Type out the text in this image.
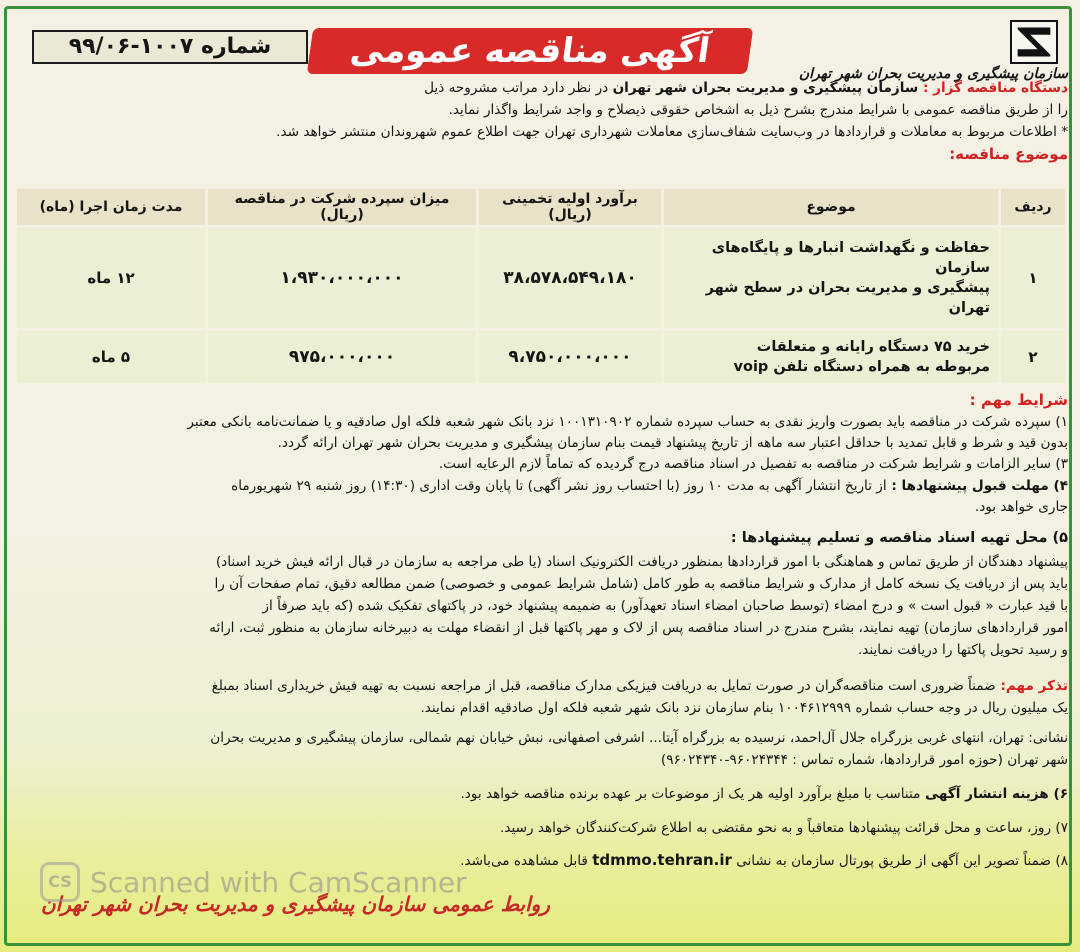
سازمان پیشگیری و مدیریت بحران شهر تهران
آگهی مناقصه عمومی
شماره ۱۰۰۷-۹۹/۰۶
دستگاه مناقصه گزار : سازمان پیشگیری و مدیریت بحران شهر تهران در نظر دارد مراتب مشروحه ذیل
را از طریق مناقصه عمومی با شرایط مندرج بشرح ذیل به اشخاص حقوقی ذیصلاح و واجد شرایط واگذار نماید.
* اطلاعات مربوط به معاملات و قراردادها در وب‌سایت شفاف‌سازی معاملات شهرداری تهران جهت اطلاع عموم شهروندان منتشر خواهد شد.
موضوع مناقصه:
ردیف	موضوع	برآورد اولیه تخمینی (ریال)	میزان سپرده شرکت در مناقصه (ریال)	مدت زمان اجرا (ماه)
۱	حفاظت و نگهداشت انبارها و پایگاه‌های سازمان
پیشگیری و مدیریت بحران در سطح شهر تهران	۳۸،۵۷۸،۵۴۹،۱۸۰	۱،۹۳۰،۰۰۰،۰۰۰	۱۲ ماه
۲	خرید ۷۵ دستگاه رایانه و متعلقات
مربوطه به همراه دستگاه تلفن voip	۹،۷۵۰،۰۰۰،۰۰۰	۹۷۵،۰۰۰،۰۰۰	۵ ماه
شرایط مهم :
۱) سپرده شرکت در مناقصه باید بصورت واریز نقدی به حساب سپرده شماره ۱۰۰۱۳۱۰۹۰۲ نزد بانک شهر شعبه فلکه اول صادقیه و یا ضمانت‌نامه بانکی معتبر
بدون قید و شرط و قابل تمدید با حداقل اعتبار سه ماهه از تاریخ پیشنهاد قیمت بنام سازمان پیشگیری و مدیریت بحران شهر تهران ارائه گردد.
۳) سایر الزامات و شرایط شرکت در مناقصه به تفصیل در اسناد مناقصه درج گردیده که تماماً لازم الرعایه است.
۴) مهلت قبول پیشنهادها : از تاریخ انتشار آگهی به مدت ۱۰ روز (با احتساب روز نشر آگهی) تا پایان وقت اداری (۱۴:۳۰) روز شنبه ۲۹ شهریورماه
جاری خواهد بود.
۵) محل تهیه اسناد مناقصه و تسلیم پیشنهادها :
پیشنهاد دهندگان از طریق تماس و هماهنگی با امور قراردادها بمنظور دریافت الکترونیک اسناد (یا طی مراجعه به سازمان در قبال ارائه فیش خرید اسناد)
باید پس از دریافت یک نسخه کامل از مدارک و شرایط مناقصه به طور کامل (شامل شرایط عمومی و خصوصی) ضمن مطالعه دقیق، تمام صفحات آن را
با قید عبارت « قبول است » و درج امضاء (توسط صاحبان امضاء اسناد تعهدآور) به ضمیمه پیشنهاد خود، در پاکتهای تفکیک شده (که باید صرفاً از
امور قراردادهای سازمان) تهیه نمایند، بشرح مندرج در اسناد مناقصه پس از لاک و مهر پاکتها قبل از انقضاء مهلت به دبیرخانه سازمان به منظور ثبت، ارائه
و رسید تحویل پاکتها را دریافت نمایند.
تذکر مهم: ضمناً ضروری است مناقصه‌گران در صورت تمایل به دریافت فیزیکی مدارک مناقصه، قبل از مراجعه نسبت به تهیه فیش خریداری اسناد بمبلغ
یک میلیون ریال در وجه حساب شماره ۱۰۰۴۶۱۲۹۹۹ بنام سازمان نزد بانک شهر شعبه فلکه اول صادقیه اقدام نمایند.
نشانی: تهران، انتهای غربی بزرگراه جلال آل‌احمد، نرسیده به بزرگراه آیتا... اشرفی اصفهانی، نبش خیابان نهم شمالی، سازمان پیشگیری و مدیریت بحران
شهر تهران (حوزه امور قراردادها، شماره تماس : ۹۶۰۲۴۳۴۴-۹۶۰۲۴۳۴۰)
۶) هزینه انتشار آگهی متناسب با مبلغ برآورد اولیه هر یک از موضوعات بر عهده برنده مناقصه خواهد بود.
۷) روز، ساعت و محل قرائت پیشنهادها متعاقباً و به نحو مقتضی به اطلاع شرکت‌کنندگان خواهد رسید.
۸) ضمناً تصویر این آگهی از طریق پورتال سازمان به نشانی tdmmo.tehran.ir قابل مشاهده می‌باشد.
روابط عمومی سازمان پیشگیری و مدیریت بحران شهر تهران
CS Scanned with CamScanner
